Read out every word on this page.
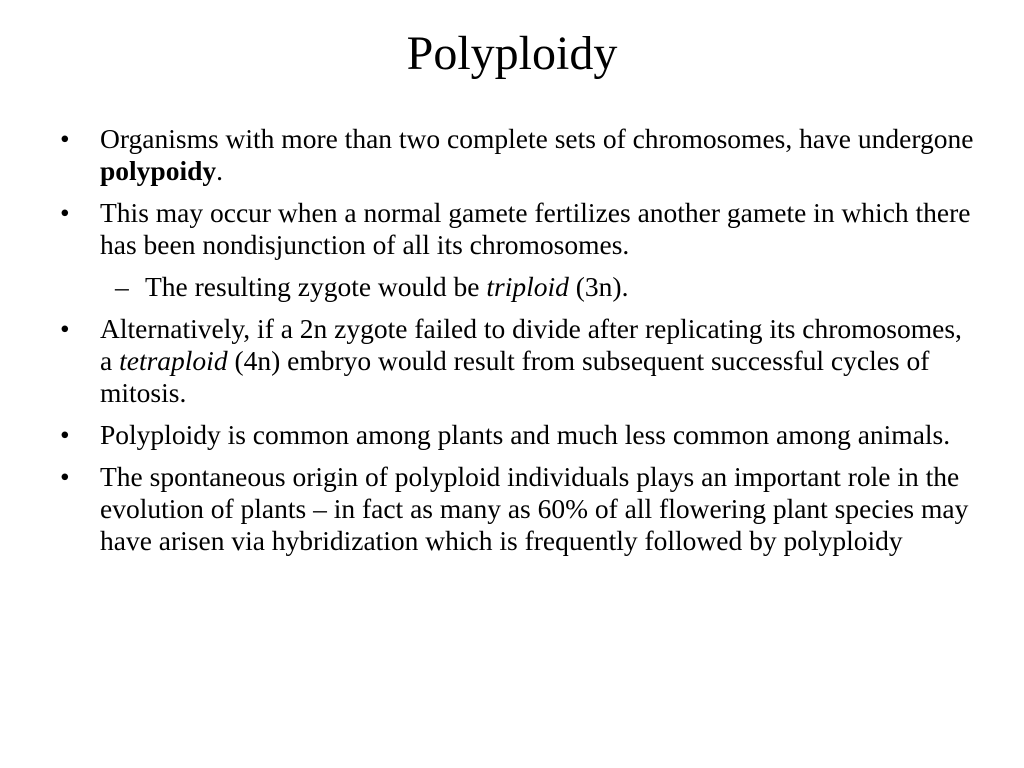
Polyploidy
• Organisms with more than two complete sets of chromosomes, have undergone polypoidy.
• This may occur when a normal gamete fertilizes another gamete in which there has been nondisjunction of all its chromosomes.
– The resulting zygote would be triploid (3n).
• Alternatively, if a 2n zygote failed to divide after replicating its chromosomes, a tetraploid (4n) embryo would result from subsequent successful cycles of mitosis.
• Polyploidy is common among plants and much less common among animals.
• The spontaneous origin of polyploid individuals plays an important role in the evolution of plants – in fact as many as 60% of all flowering plant species may have arisen via hybridization which is frequently followed by polyploidy
